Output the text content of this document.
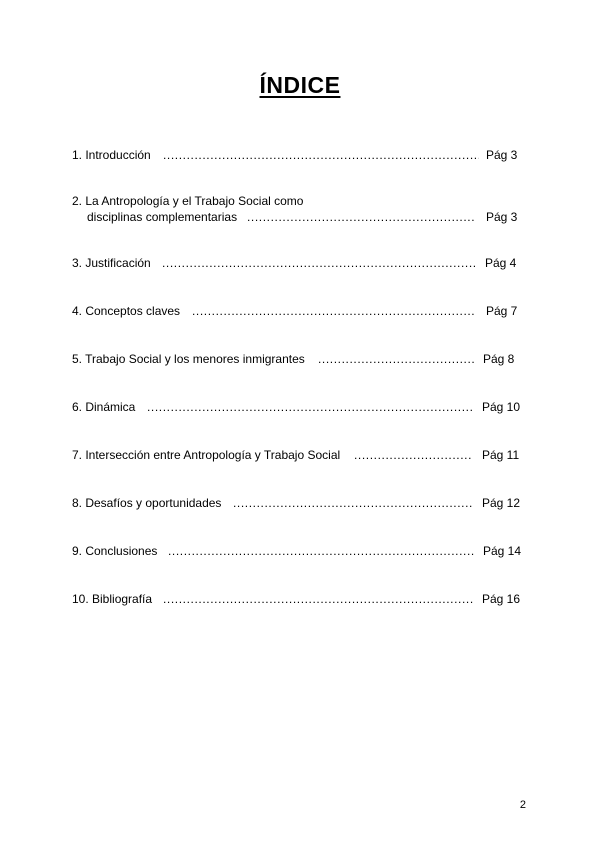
ÍNDICE
1. Introducción .....	Pág 3
2. La Antropología y el Trabajo Social como
disciplinas complementarias .....	Pág 3
3. Justificación .....	Pág 4
4. Conceptos claves .....	Pág 7
5. Trabajo Social y los menores inmigrantes .....	Pág 8
6. Dinámica .....	Pág 10
7. Intersección entre Antropología y Trabajo Social .....	Pág 11
8. Desafíos y oportunidades .....	Pág 12
9. Conclusiones .....	Pág 14
10. Bibliografía .....	Pág 16
2
